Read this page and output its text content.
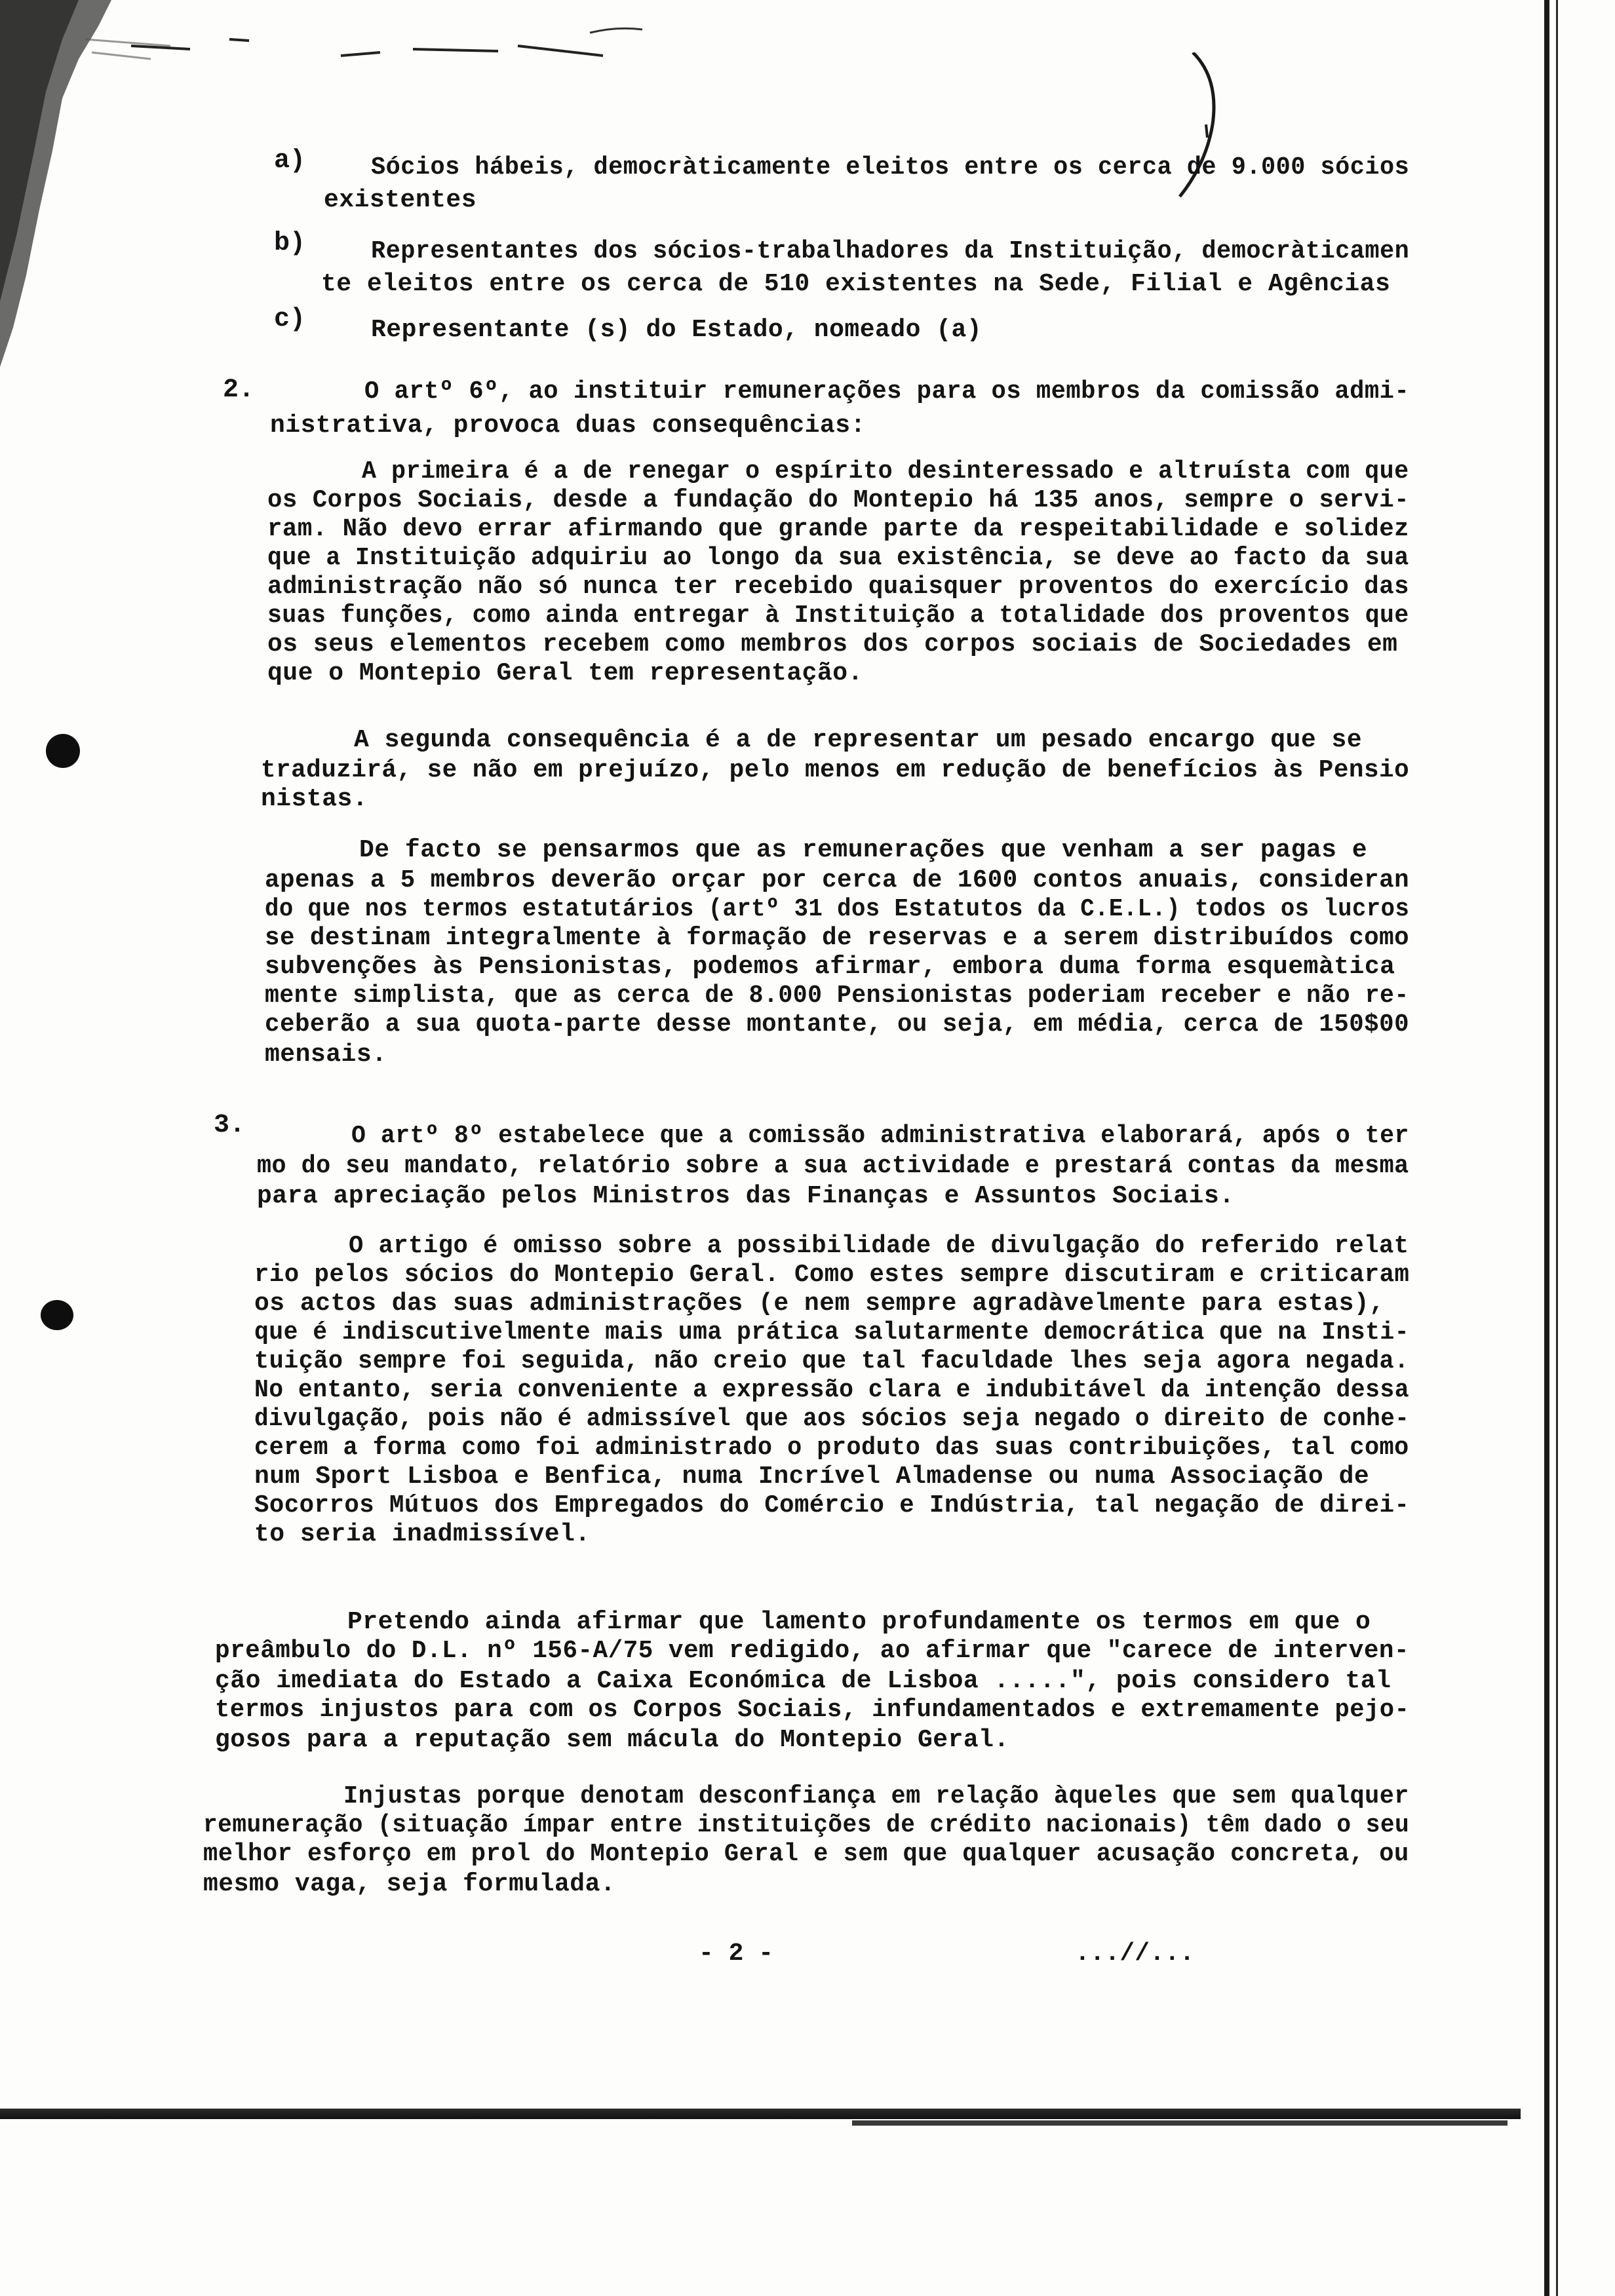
a)	Sócios hábeis, democràticamente eleitos entre os cerca de 9.000 sócios
existentes
b)	Representantes dos sócios-trabalhadores da Instituição, democràticamen
te eleitos entre os cerca de 510 existentes na Sede, Filial e Agências
c)	Representante (s) do Estado, nomeado (a)
2.	O artº 6º, ao instituir remunerações para os membros da comissão admi-
nistrativa, provoca duas consequências:
A primeira é a de renegar o espírito desinteressado e altruísta com que
os Corpos Sociais, desde a fundação do Montepio há 135 anos, sempre o servi-
ram. Não devo errar afirmando que grande parte da respeitabilidade e solidez
que a Instituição adquiriu ao longo da sua existência, se deve ao facto da sua
administração não só nunca ter recebido quaisquer proventos do exercício das
suas funções, como ainda entregar à Instituição a totalidade dos proventos que
os seus elementos recebem como membros dos corpos sociais de Sociedades em
que o Montepio Geral tem representação.
A segunda consequência é a de representar um pesado encargo que se
traduzirá, se não em prejuízo, pelo menos em redução de benefícios às Pensio
nistas.
De facto se pensarmos que as remunerações que venham a ser pagas e
apenas a 5 membros deverão orçar por cerca de 1600 contos anuais, consideran
do que nos termos estatutários (artº 31 dos Estatutos da C.E.L.) todos os lucros
se destinam integralmente à formação de reservas e a serem distribuídos como
subvenções às Pensionistas, podemos afirmar, embora duma forma esquemàtica
mente simplista, que as cerca de 8.000 Pensionistas poderiam receber e não re-
ceberão a sua quota-parte desse montante, ou seja, em média, cerca de 150$00
mensais.
3.	O artº 8º estabelece que a comissão administrativa elaborará, após o ter
mo do seu mandato, relatório sobre a sua actividade e prestará contas da mesma
para apreciação pelos Ministros das Finanças e Assuntos Sociais.
O artigo é omisso sobre a possibilidade de divulgação do referido relat
rio pelos sócios do Montepio Geral. Como estes sempre discutiram e criticaram
os actos das suas administrações (e nem sempre agradàvelmente para estas),
que é indiscutivelmente mais uma prática salutarmente democrática que na Insti-
tuição sempre foi seguida, não creio que tal faculdade lhes seja agora negada.
No entanto, seria conveniente a expressão clara e indubitável da intenção dessa
divulgação, pois não é admissível que aos sócios seja negado o direito de conhe-
cerem a forma como foi administrado o produto das suas contribuições, tal como
num Sport Lisboa e Benfica, numa Incrível Almadense ou numa Associação de
Socorros Mútuos dos Empregados do Comércio e Indústria, tal negação de direi-
to seria inadmissível.
Pretendo ainda afirmar que lamento profundamente os termos em que o
preâmbulo do D.L. nº 156-A/75 vem redigido, ao afirmar que "carece de interven-
ção imediata do Estado a Caixa Económica de Lisboa .....", pois considero tal
termos injustos para com os Corpos Sociais, infundamentados e extremamente pejo-
gosos para a reputação sem mácula do Montepio Geral.
Injustas porque denotam desconfiança em relação àqueles que sem qualquer
remuneração (situação ímpar entre instituições de crédito nacionais) têm dado o seu
melhor esforço em prol do Montepio Geral e sem que qualquer acusação concreta, ou
mesmo vaga, seja formulada.
- 2 -	...//...
